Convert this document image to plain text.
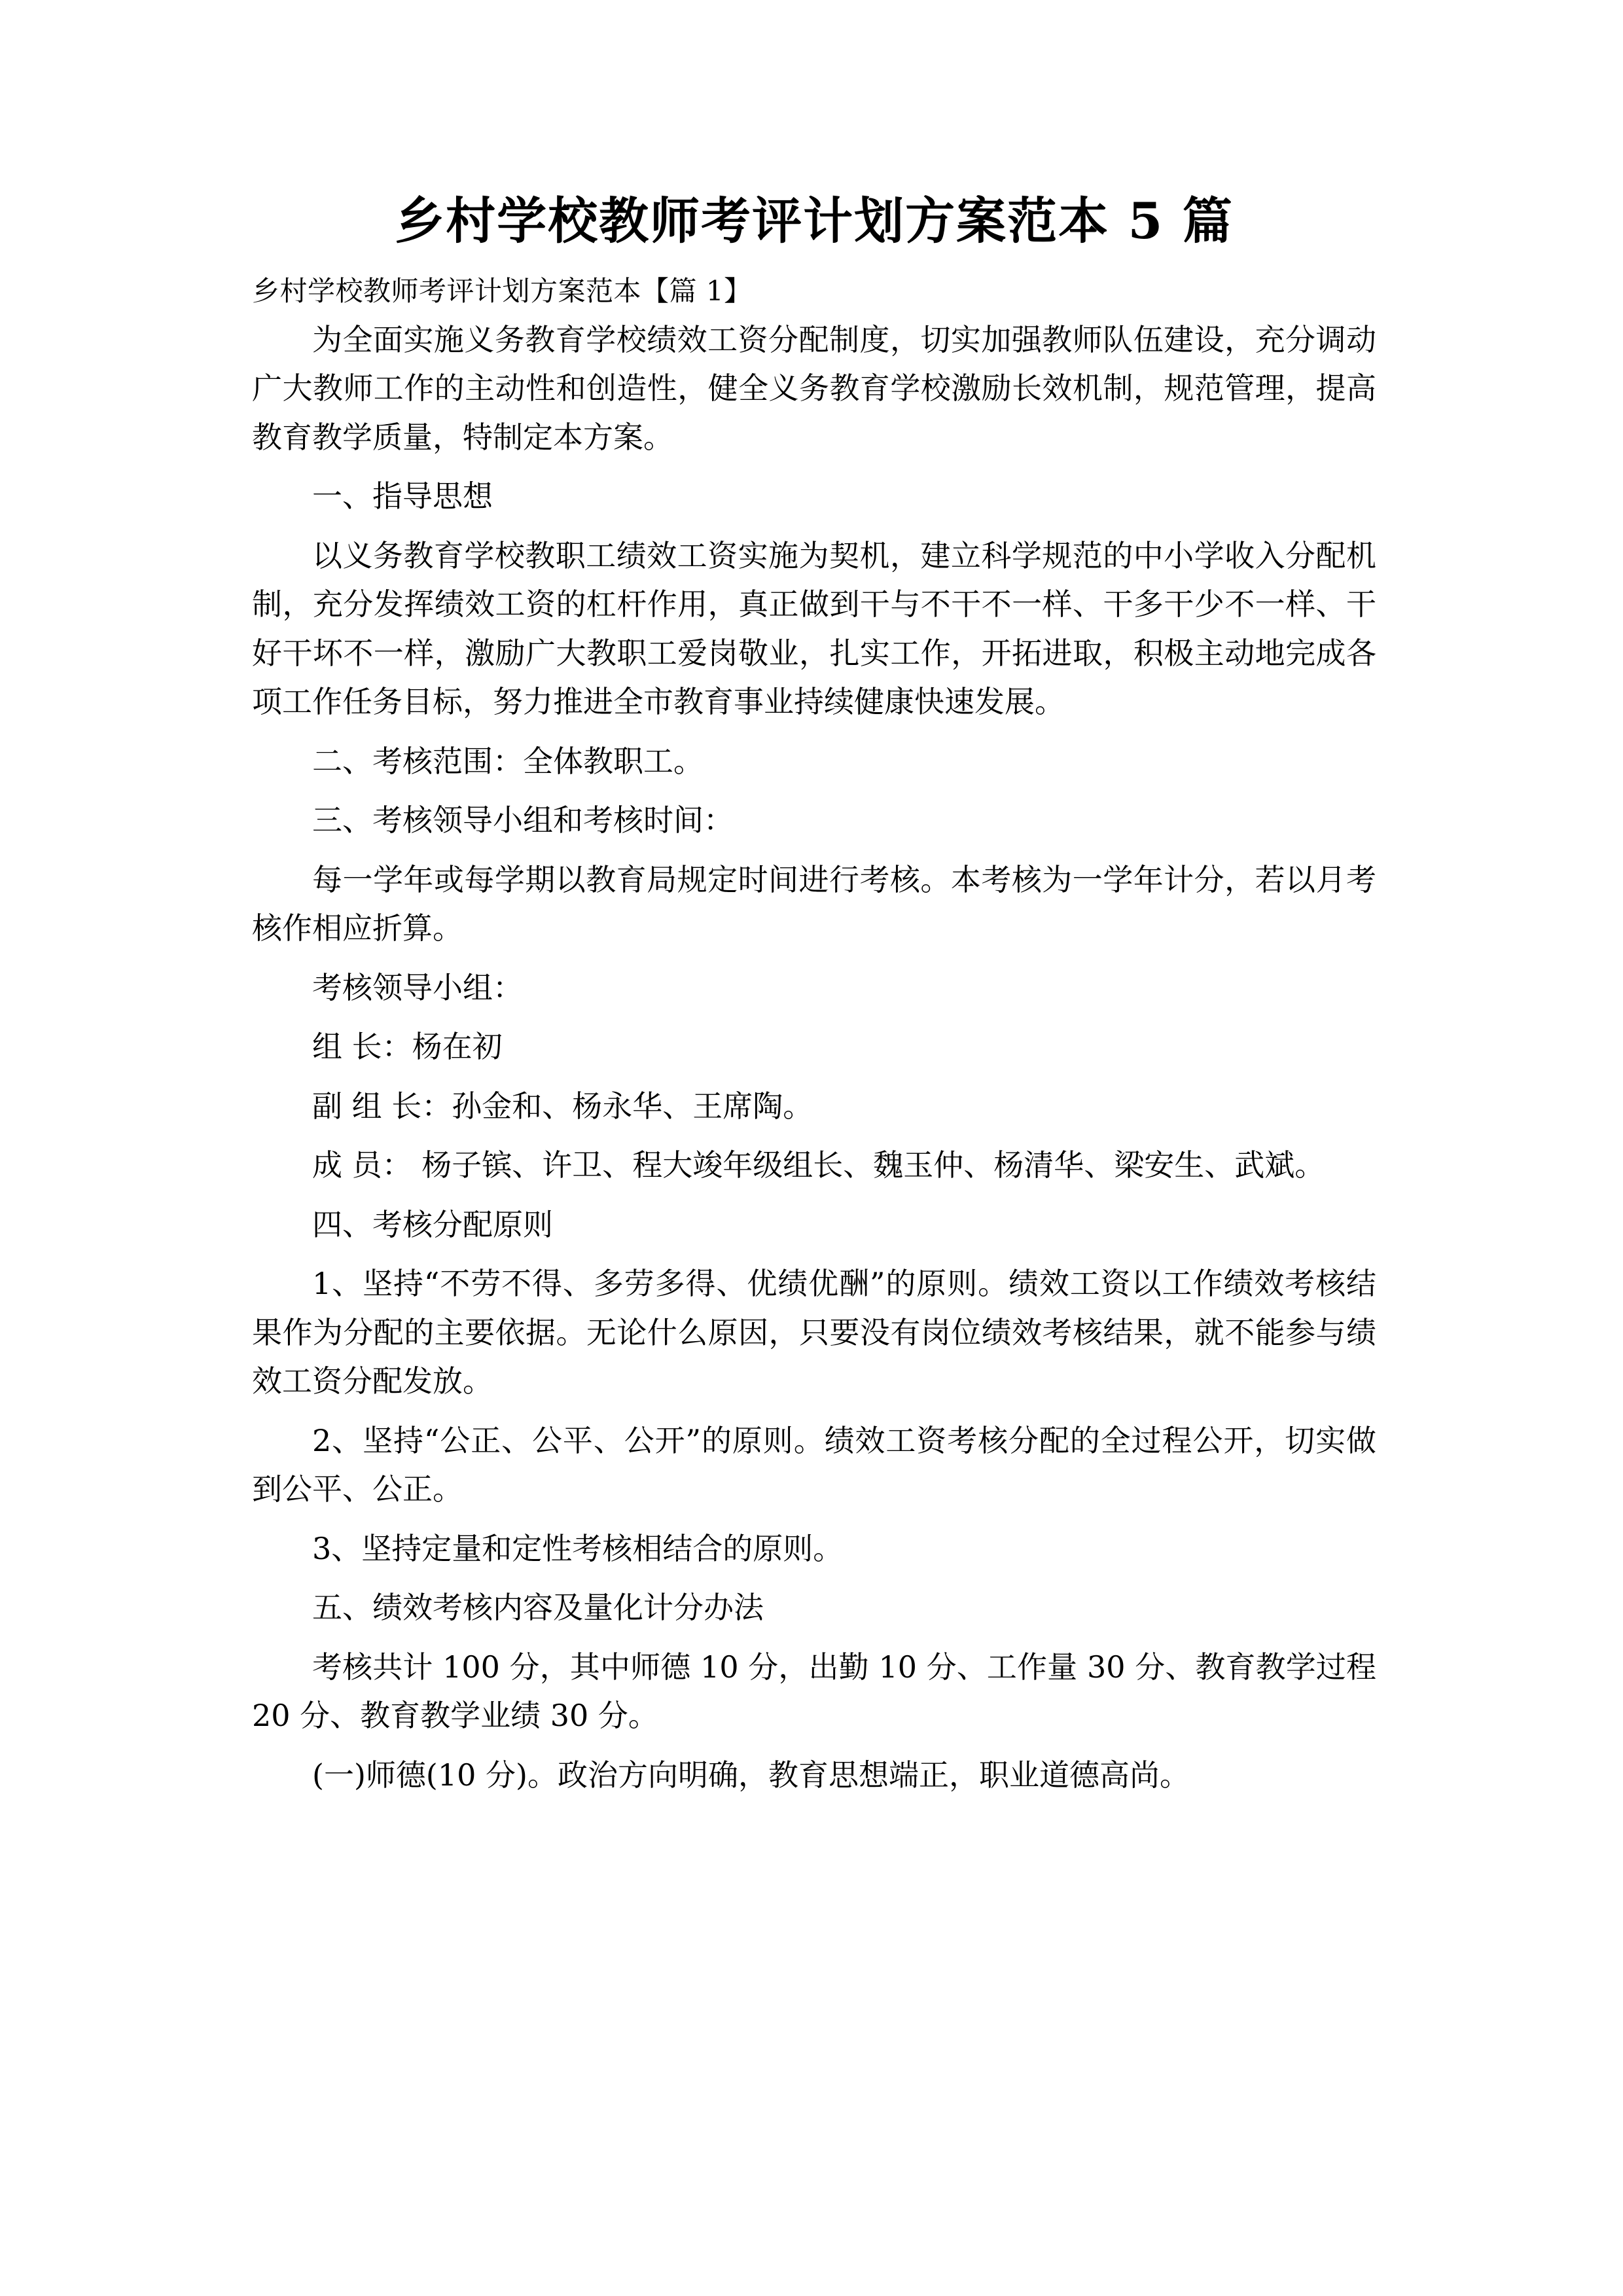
乡村学校教师考评计划方案范本 5 篇
乡村学校教师考评计划方案范本【篇 1】

为全面实施义务教育学校绩效工资分配制度，切实加强教师队伍建设，充分调动广大教师工作的主动性和创造性，健全义务教育学校激励长效机制，规范管理，提高教育教学质量，特制定本方案。

一、指导思想

以义务教育学校教职工绩效工资实施为契机，建立科学规范的中小学收入分配机制，充分发挥绩效工资的杠杆作用，真正做到干与不干不一样、干多干少不一样、干好干坏不一样，激励广大教职工爱岗敬业，扎实工作，开拓进取，积极主动地完成各项工作任务目标，努力推进全市教育事业持续健康快速发展。

二、考核范围：全体教职工。

三、考核领导小组和考核时间：

每一学年或每学期以教育局规定时间进行考核。本考核为一学年计分，若以月考核作相应折算。

考核领导小组：

组 长：杨在初

副 组 长：孙金和、杨永华、王席陶。

成 员： 杨子镔、许卫、程大竣年级组长、魏玉仲、杨清华、梁安生、武斌。

四、考核分配原则

1、坚持“不劳不得、多劳多得、优绩优酬”的原则。绩效工资以工作绩效考核结果作为分配的主要依据。无论什么原因，只要没有岗位绩效考核结果，就不能参与绩效工资分配发放。

2、坚持“公正、公平、公开”的原则。绩效工资考核分配的全过程公开，切实做到公平、公正。

3、坚持定量和定性考核相结合的原则。

五、绩效考核内容及量化计分办法

考核共计 100 分，其中师德 10 分，出勤 10 分、工作量 30 分、教育教学过程 20 分、教育教学业绩 30 分。

(一)师德(10 分)。政治方向明确，教育思想端正，职业道德高尚。
